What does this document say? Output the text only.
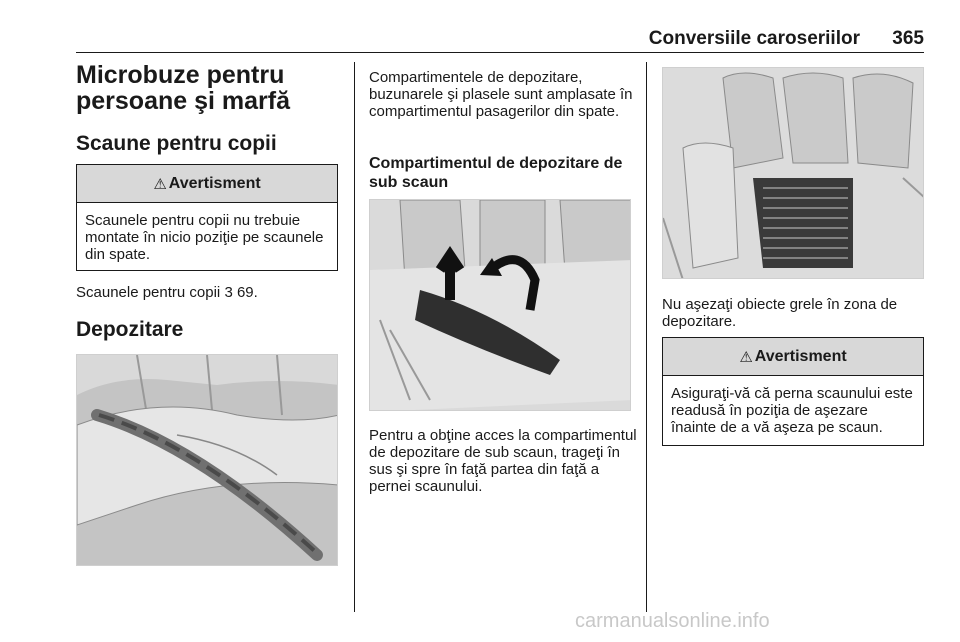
Conversiile caroseriilor 365
Microbuze pentru persoane şi marfă
Scaune pentru copii
⚠ Avertisment
Scaunele pentru copii nu trebuie montate în nicio poziţie pe scaunele din spate.
Scaunele pentru copii 3 69.
Depozitare
Compartimentele de depozitare, buzunarele şi plasele sunt amplasate în compartimentul pasagerilor din spate.
Compartimentul de depozitare de sub scaun
Pentru a obţine acces la compartimentul de depozitare de sub scaun, trageţi în sus şi spre în faţă partea din faţă a pernei scaunului.
Nu aşezaţi obiecte grele în zona de depozitare.
⚠ Avertisment
Asiguraţi-vă că perna scaunului este readusă în poziţia de aşezare înainte de a vă aşeza pe scaun.
carmanualsonline.info
